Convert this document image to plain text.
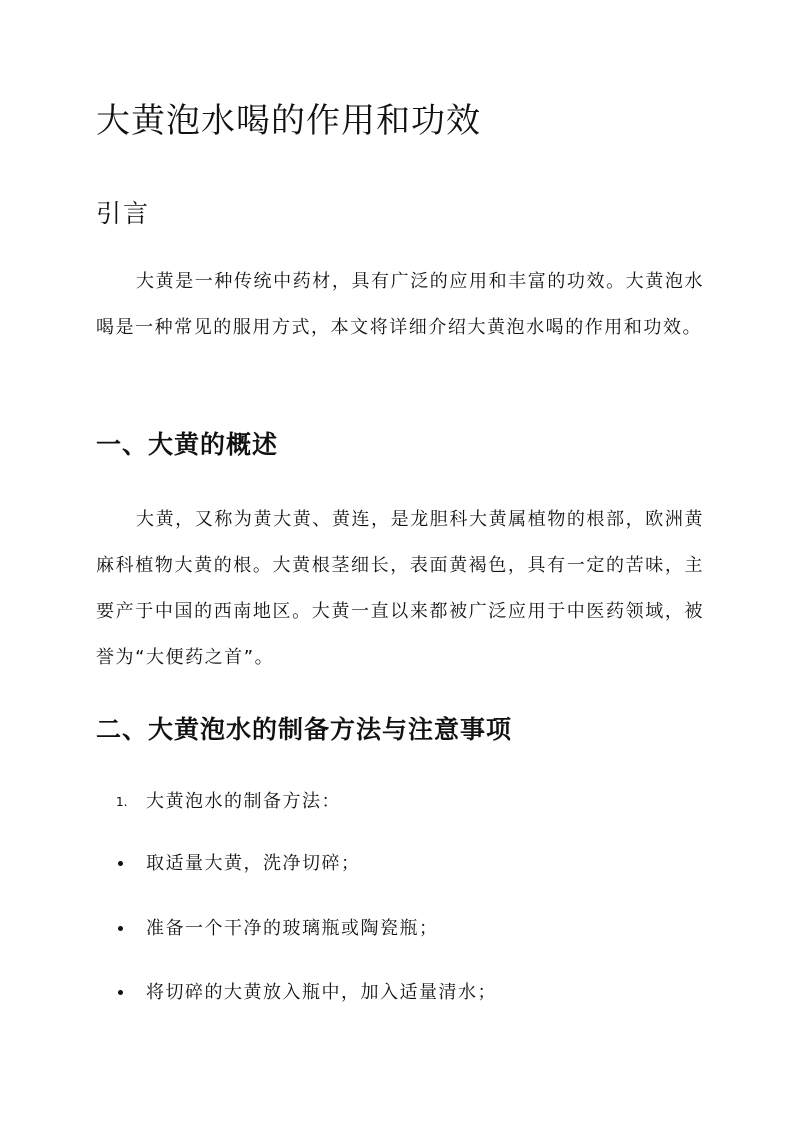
大黄泡水喝的作用和功效
引言

大黄是一种传统中药材，具有广泛的应用和丰富的功效。大黄泡水喝是一种常见的服用方式，本文将详细介绍大黄泡水喝的作用和功效。

一、大黄的概述

大黄，又称为黄大黄、黄连，是龙胆科大黄属植物的根部，欧洲黄麻科植物大黄的根。大黄根茎细长，表面黄褐色，具有一定的苦味，主要产于中国的西南地区。大黄一直以来都被广泛应用于中医药领域，被誉为“大便药之首”。

二、大黄泡水的制备方法与注意事项
1. 大黄泡水的制备方法：
取适量大黄，洗净切碎；
准备一个干净的玻璃瓶或陶瓷瓶；
将切碎的大黄放入瓶中，加入适量清水；
